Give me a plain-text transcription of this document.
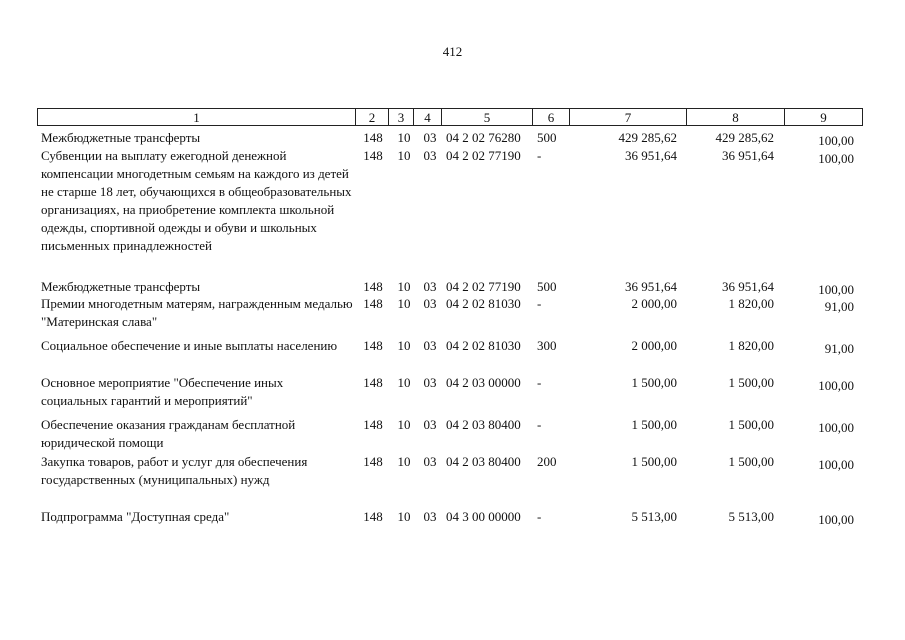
412
1	2	3	4	5	6	7	8	9
Межбюджетные трансферты	148	10	03 04 2 02 76280	500	429 285,62	429 285,62	100,00
Субвенции на выплату ежегодной денежной компенсации многодетным семьям на каждого из детей не старше 18 лет, обучающихся в общеобразовательных организациях, на приобретение комплекта школьной одежды, спортивной одежды и обуви и школьных письменных принадлежностей
148	10	03 04 2 02 77190	-	36 951,64	36 951,64	100,00
Межбюджетные трансферты	148	10	03 04 2 02 77190	500	36 951,64	36 951,64	100,00
Премии многодетным матерям, награжденным медалью "Материнская слава"
148	10	03 04 2 02 81030	-	2 000,00	1 820,00	91,00
Социальное обеспечение и иные выплаты населению	148	10	03 04 2 02 81030	300	2 000,00	1 820,00	91,00
Основное мероприятие "Обеспечение иных социальных гарантий и мероприятий"
148	10	03 04 2 03 00000	-	1 500,00	1 500,00	100,00
Обеспечение оказания гражданам бесплатной юридической помощи
148	10	03 04 2 03 80400	-	1 500,00	1 500,00	100,00
Закупка товаров, работ и услуг для обеспечения государственных (муниципальных) нужд
148	10	03 04 2 03 80400	200	1 500,00	1 500,00	100,00
Подпрограмма "Доступная среда"	148	10	03 04 3 00 00000	-	5 513,00	5 513,00	100,00
